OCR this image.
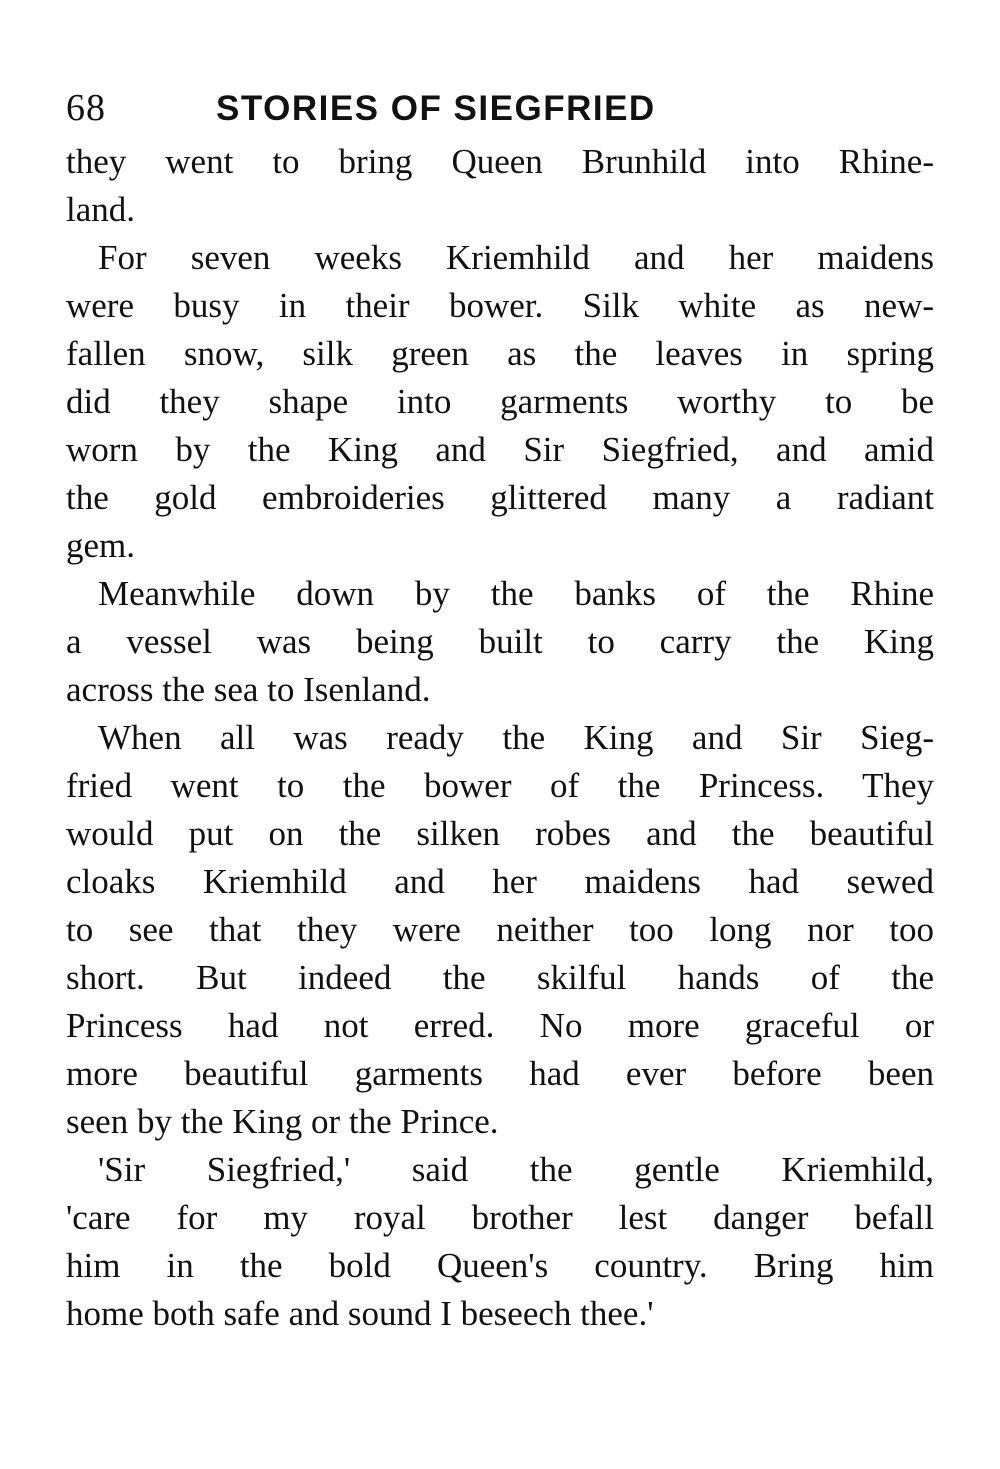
68	STORIES OF SIEGFRIED
they went to bring Queen Brunhild into Rhine-
land.
For seven weeks Kriemhild and her maidens
were busy in their bower. Silk white as new-
fallen snow, silk green as the leaves in spring
did they shape into garments worthy to be
worn by the King and Sir Siegfried, and amid
the gold embroideries glittered many a radiant
gem.
Meanwhile down by the banks of the Rhine
a vessel was being built to carry the King
across the sea to Isenland.
When all was ready the King and Sir Sieg-
fried went to the bower of the Princess. They
would put on the silken robes and the beautiful
cloaks Kriemhild and her maidens had sewed
to see that they were neither too long nor too
short. But indeed the skilful hands of the
Princess had not erred. No more graceful or
more beautiful garments had ever before been
seen by the King or the Prince.
'Sir Siegfried,' said the gentle Kriemhild,
'care for my royal brother lest danger befall
him in the bold Queen's country. Bring him
home both safe and sound I beseech thee.'
